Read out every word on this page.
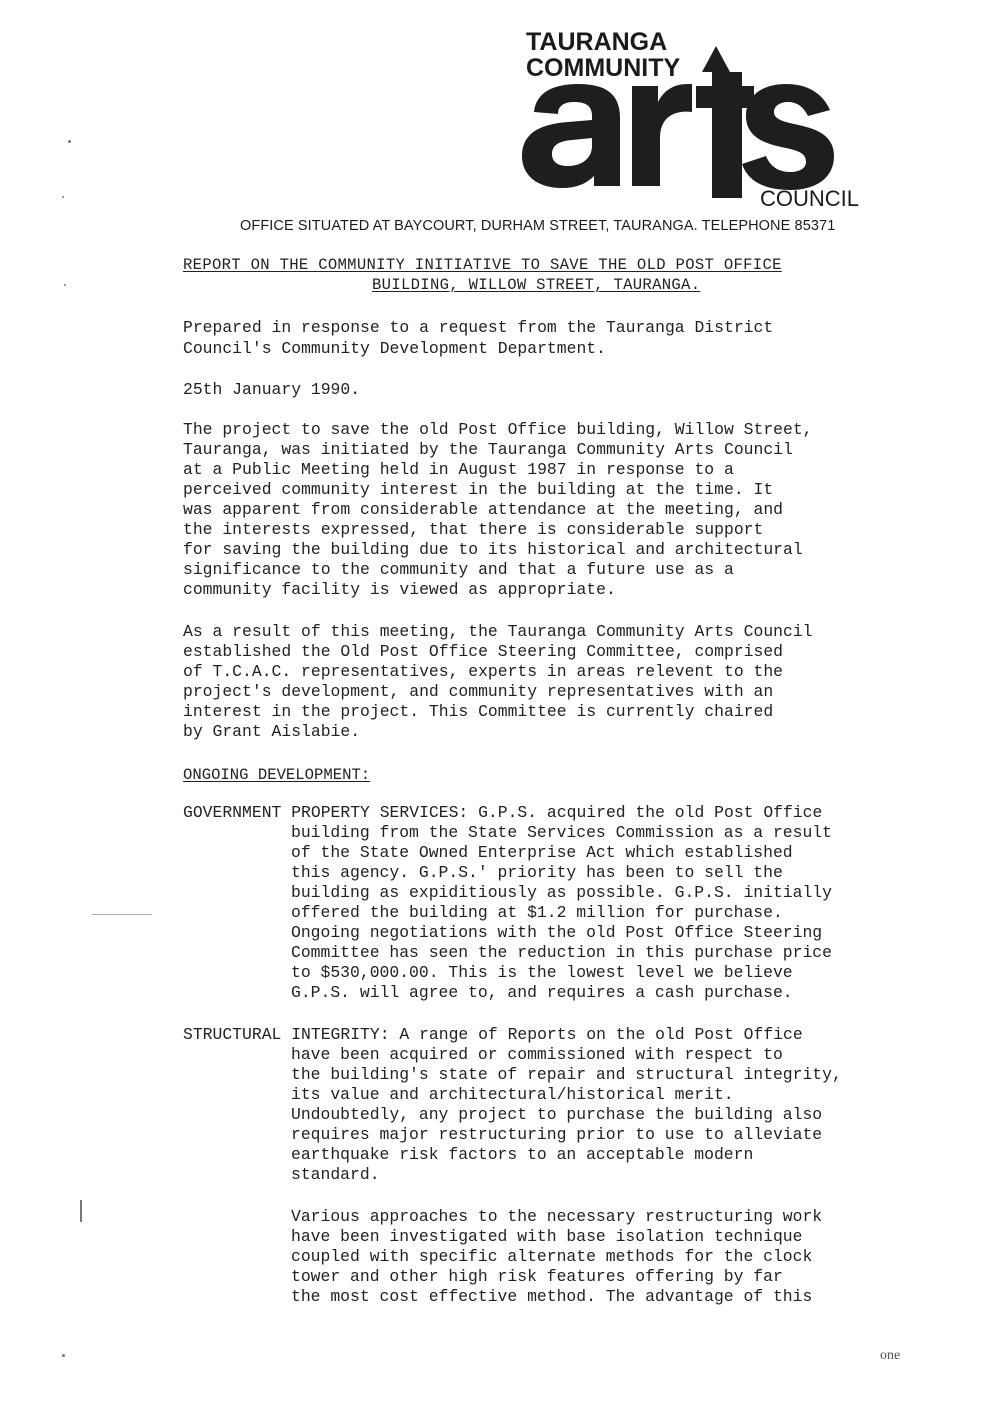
TAURANGA
COMMUNITY
COUNCIL
OFFICE SITUATED AT BAYCOURT, DURHAM STREET, TAURANGA. TELEPHONE 85371
REPORT ON THE COMMUNITY INITIATIVE TO SAVE THE OLD POST OFFICE
BUILDING, WILLOW STREET, TAURANGA.
Prepared in response to a request from the Tauranga District
Council's Community Development Department.
25th January 1990.
The project to save the old Post Office building, Willow Street,
Tauranga, was initiated by the Tauranga Community Arts Council
at a Public Meeting held in August 1987 in response to a
perceived community interest in the building at the time. It
was apparent from considerable attendance at the meeting, and
the interests expressed, that there is considerable support
for saving the building due to its historical and architectural
significance to the community and that a future use as a
community facility is viewed as appropriate.
As a result of this meeting, the Tauranga Community Arts Council
established the Old Post Office Steering Committee, comprised
of T.C.A.C. representatives, experts in areas relevent to the
project's development, and community representatives with an
interest in the project. This Committee is currently chaired
by Grant Aislabie.
ONGOING DEVELOPMENT:
GOVERNMENT PROPERTY SERVICES: G.P.S. acquired the old Post Office
building from the State Services Commission as a result
of the State Owned Enterprise Act which established
this agency. G.P.S.' priority has been to sell the
building as expiditiously as possible. G.P.S. initially
offered the building at $1.2 million for purchase.
Ongoing negotiations with the old Post Office Steering
Committee has seen the reduction in this purchase price
to $530,000.00. This is the lowest level we believe
G.P.S. will agree to, and requires a cash purchase.
STRUCTURAL INTEGRITY: A range of Reports on the old Post Office
have been acquired or commissioned with respect to
the building's state of repair and structural integrity,
its value and architectural/historical merit.
Undoubtedly, any project to purchase the building also
requires major restructuring prior to use to alleviate
earthquake risk factors to an acceptable modern
standard.
Various approaches to the necessary restructuring work
have been investigated with base isolation technique
coupled with specific alternate methods for the clock
tower and other high risk features offering by far
the most cost effective method. The advantage of this
one
